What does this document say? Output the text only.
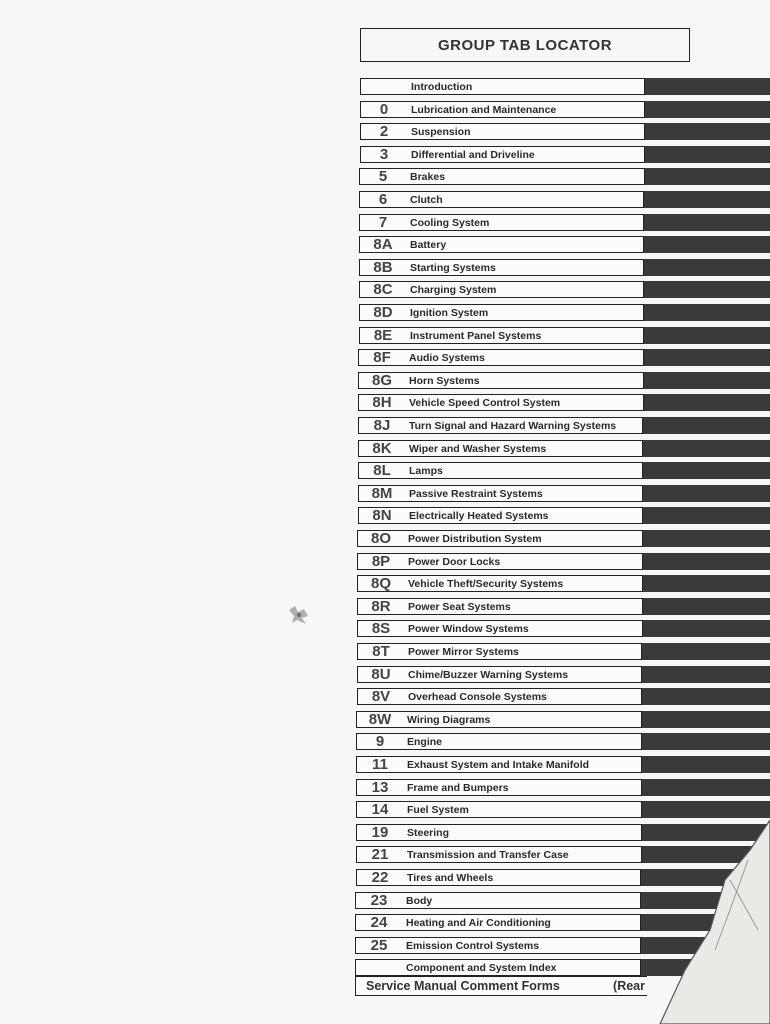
GROUP TAB LOCATOR
Introduction
0	Lubrication and Maintenance
2	Suspension
3	Differential and Driveline
5	Brakes
6	Clutch
7	Cooling System
8A	Battery
8B	Starting Systems
8C	Charging System
8D	Ignition System
8E	Instrument Panel Systems
8F	Audio Systems
8G	Horn Systems
8H	Vehicle Speed Control System
8J	Turn Signal and Hazard Warning Systems
8K	Wiper and Washer Systems
8L	Lamps
8M	Passive Restraint Systems
8N	Electrically Heated Systems
8O	Power Distribution System
8P	Power Door Locks
8Q	Vehicle Theft/Security Systems
8R	Power Seat Systems
8S	Power Window Systems
8T	Power Mirror Systems
8U	Chime/Buzzer Warning Systems
8V	Overhead Console Systems
8W	Wiring Diagrams
9	Engine
11	Exhaust System and Intake Manifold
13	Frame and Bumpers
14	Fuel System
19	Steering
21	Transmission and Transfer Case
22	Tires and Wheels
23	Body
24	Heating and Air Conditioning
25	Emission Control Systems
Component and System Index
Service Manual Comment Forms	(Rear
